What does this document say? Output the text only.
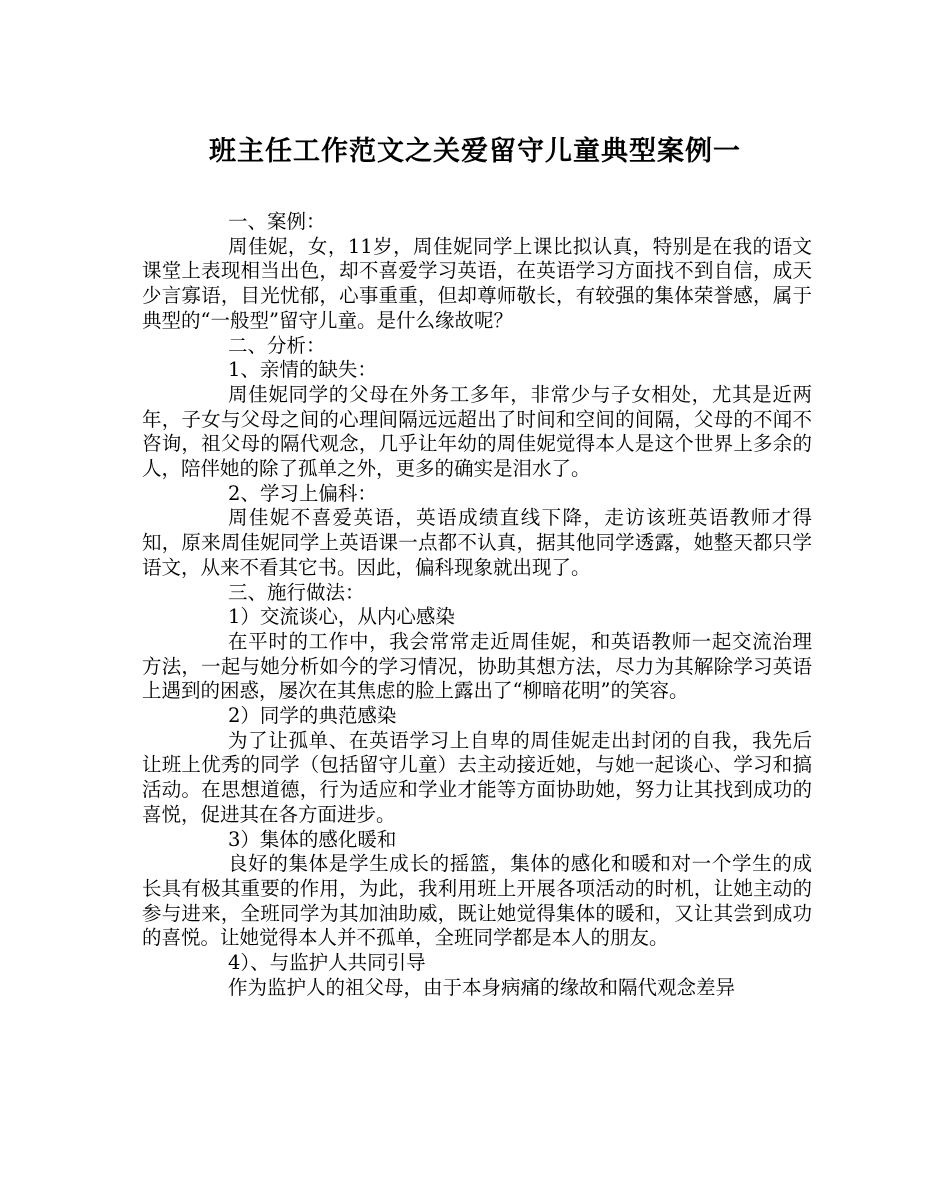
班主任工作范文之关爱留守儿童典型案例一

一、案例：

周佳妮，女，11岁，周佳妮同学上课比拟认真，特别是在我的语文课堂上表现相当出色，却不喜爱学习英语，在英语学习方面找不到自信，成天少言寡语，目光忧郁，心事重重，但却尊师敬长，有较强的集体荣誉感，属于典型的“一般型”留守儿童。是什么缘故呢？

二、分析：

1、亲情的缺失：

周佳妮同学的父母在外务工多年，非常少与子女相处，尤其是近两年，子女与父母之间的心理间隔远远超出了时间和空间的间隔，父母的不闻不咨询，祖父母的隔代观念，几乎让年幼的周佳妮觉得本人是这个世界上多余的人，陪伴她的除了孤单之外，更多的确实是泪水了。

2、学习上偏科：

周佳妮不喜爱英语，英语成绩直线下降，走访该班英语教师才得知，原来周佳妮同学上英语课一点都不认真，据其他同学透露，她整天都只学语文，从来不看其它书。因此，偏科现象就出现了。

三、施行做法：

1）交流谈心，从内心感染

在平时的工作中，我会常常走近周佳妮，和英语教师一起交流治理方法，一起与她分析如今的学习情况，协助其想方法，尽力为其解除学习英语上遇到的困惑，屡次在其焦虑的脸上露出了“柳暗花明”的笑容。

2）同学的典范感染

为了让孤单、在英语学习上自卑的周佳妮走出封闭的自我，我先后让班上优秀的同学（包括留守儿童）去主动接近她，与她一起谈心、学习和搞活动。在思想道德，行为适应和学业才能等方面协助她，努力让其找到成功的喜悦，促进其在各方面进步。

3）集体的感化暖和

良好的集体是学生成长的摇篮，集体的感化和暖和对一个学生的成长具有极其重要的作用，为此，我利用班上开展各项活动的时机，让她主动的参与进来，全班同学为其加油助威，既让她觉得集体的暖和，又让其尝到成功的喜悦。让她觉得本人并不孤单，全班同学都是本人的朋友。

4）、与监护人共同引导

作为监护人的祖父母，由于本身病痛的缘故和隔代观念差异
